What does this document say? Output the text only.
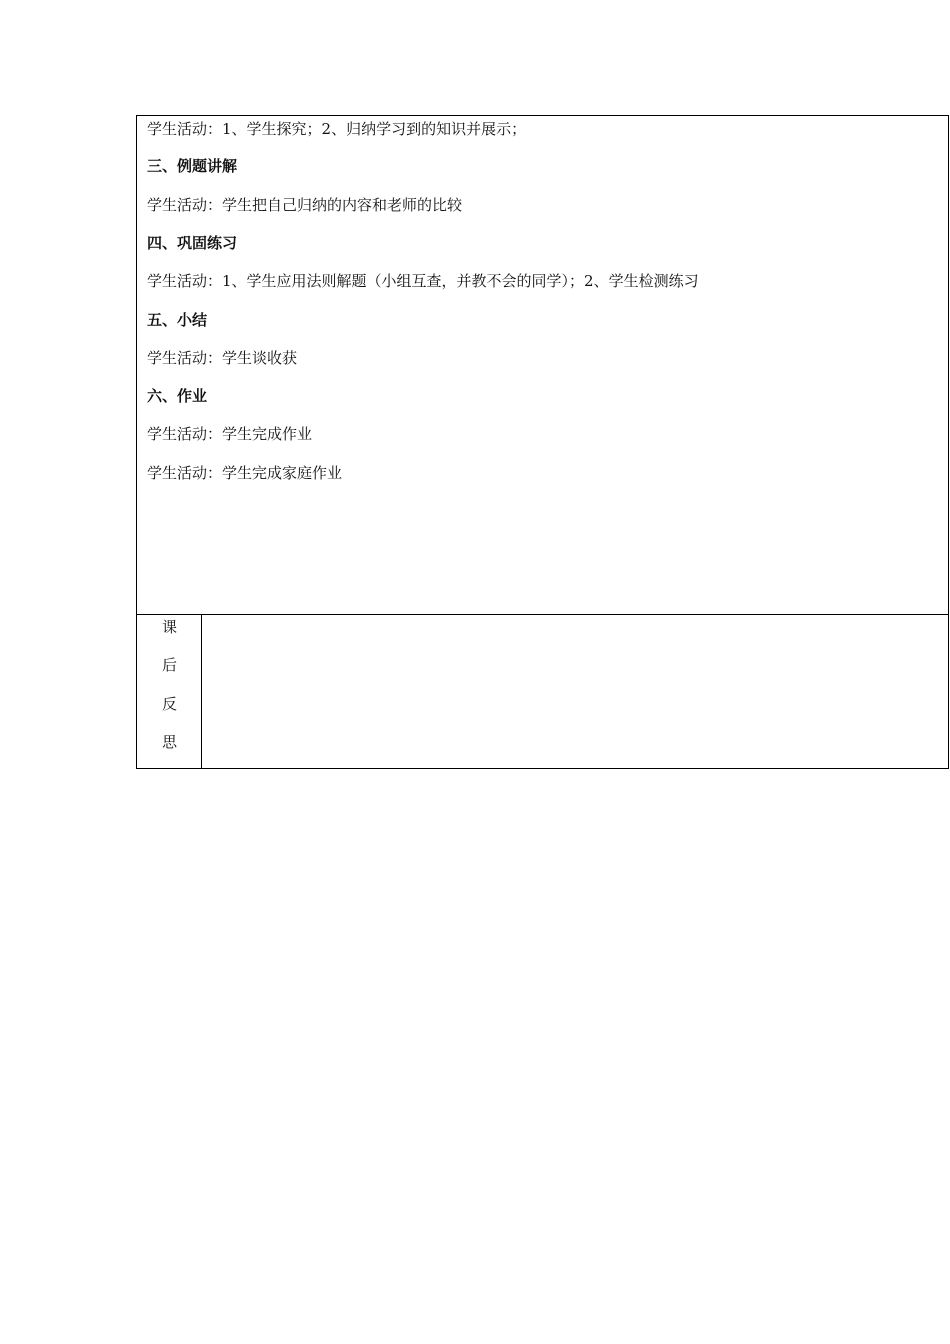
学生活动：1、学生探究；2、归纳学习到的知识并展示；
三、例题讲解
学生活动：学生把自己归纳的内容和老师的比较
四、巩固练习
学生活动：1、学生应用法则解题（小组互查，并教不会的同学）；2、学生检测练习
五、小结
学生活动：学生谈收获
六、作业
学生活动：学生完成作业
学生活动：学生完成家庭作业
课
后
反
思
